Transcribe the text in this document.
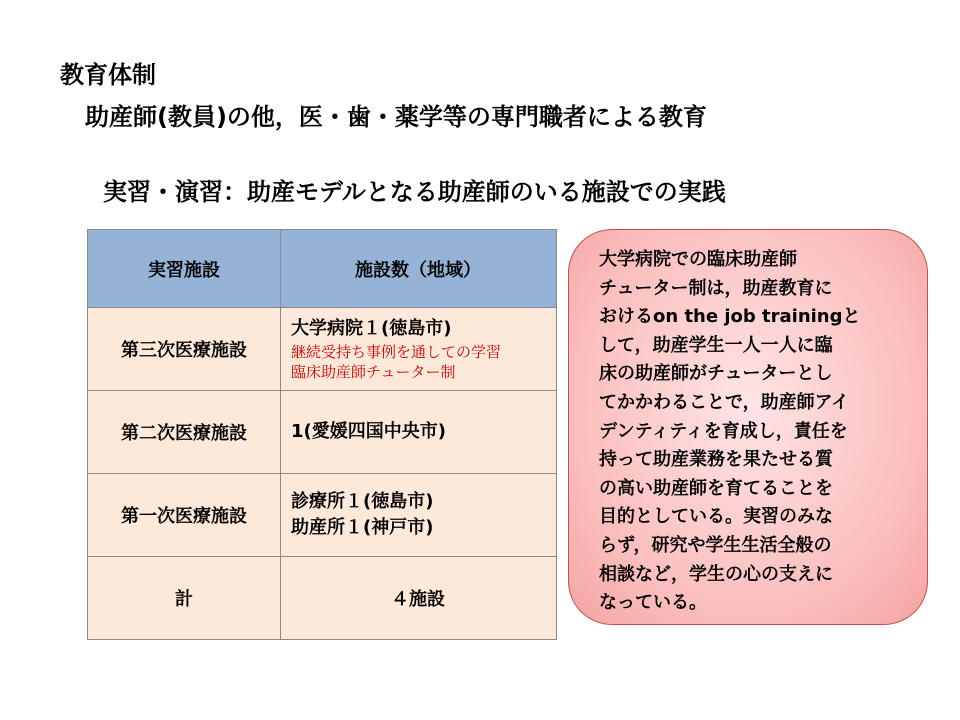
教育体制
助産師(教員)の他，医・歯・薬学等の専門職者による教育
実習・演習：助産モデルとなる助産師のいる施設での実践
実習施設	施設数（地域）
第三次医療施設	大学病院１(徳島市)
継続受持ち事例を通しての学習
臨床助産師チューター制

第二次医療施設	1(愛媛四国中央市)

第一次医療施設	診療所１(徳島市)
助産所１(神戸市)

計	４施設
大学病院での臨床助産師
チューター制は，助産教育に
おけるon the job trainingと
して，助産学生一人一人に臨
床の助産師がチューターとし
てかかわることで，助産師アイ
デンティティを育成し，責任を
持って助産業務を果たせる質
の高い助産師を育てることを
目的としている。実習のみな
らず，研究や学生生活全般の
相談など，学生の心の支えに
なっている。
